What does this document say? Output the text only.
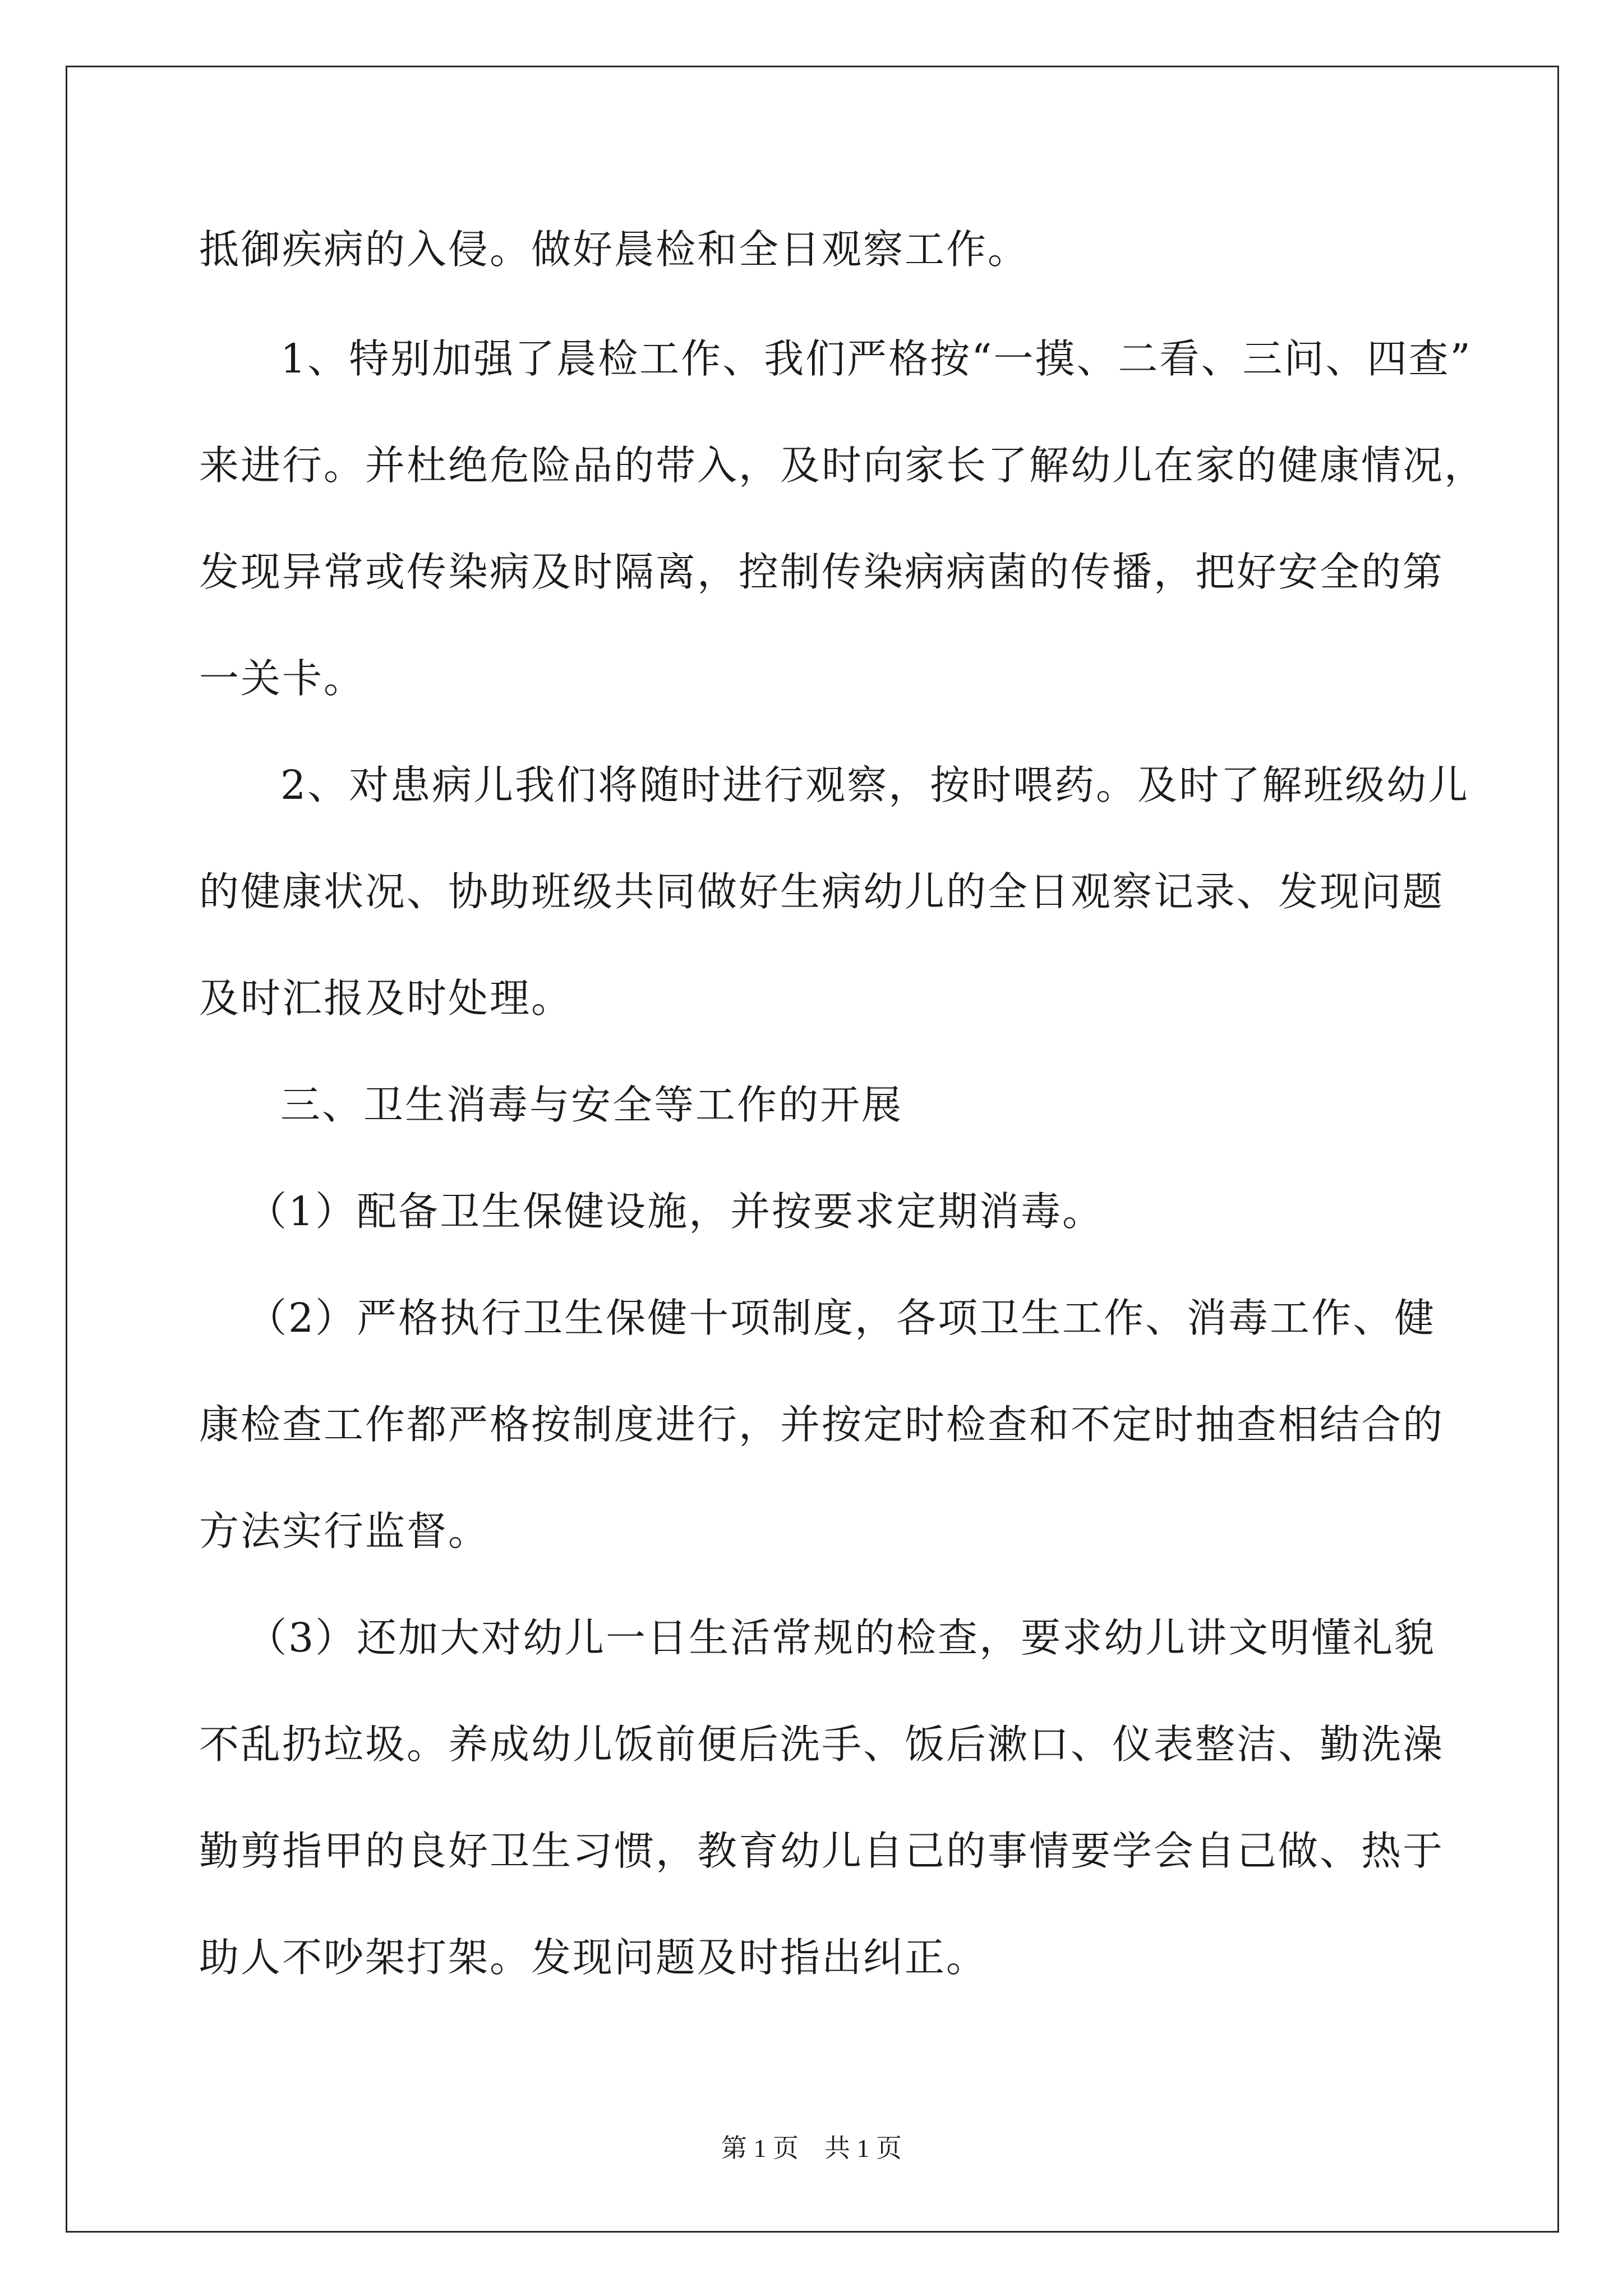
抵御疾病的入侵。做好晨检和全日观察工作。
1、特别加强了晨检工作、我们严格按“一摸、二看、三问、四查”
来进行。并杜绝危险品的带入，及时向家长了解幼儿在家的健康情况，
发现异常或传染病及时隔离，控制传染病病菌的传播，把好安全的第
一关卡。
2、对患病儿我们将随时进行观察，按时喂药。及时了解班级幼儿
的健康状况、协助班级共同做好生病幼儿的全日观察记录、发现问题
及时汇报及时处理。
三、卫生消毒与安全等工作的开展
（1）配备卫生保健设施，并按要求定期消毒。
（2）严格执行卫生保健十项制度，各项卫生工作、消毒工作、健
康检查工作都严格按制度进行，并按定时检查和不定时抽查相结合的
方法实行监督。
（3）还加大对幼儿一日生活常规的检查，要求幼儿讲文明懂礼貌
不乱扔垃圾。养成幼儿饭前便后洗手、饭后漱口、仪表整洁、勤洗澡
勤剪指甲的良好卫生习惯，教育幼儿自己的事情要学会自己做、热于
助人不吵架打架。发现问题及时指出纠正。
第 1 页    共 1 页
